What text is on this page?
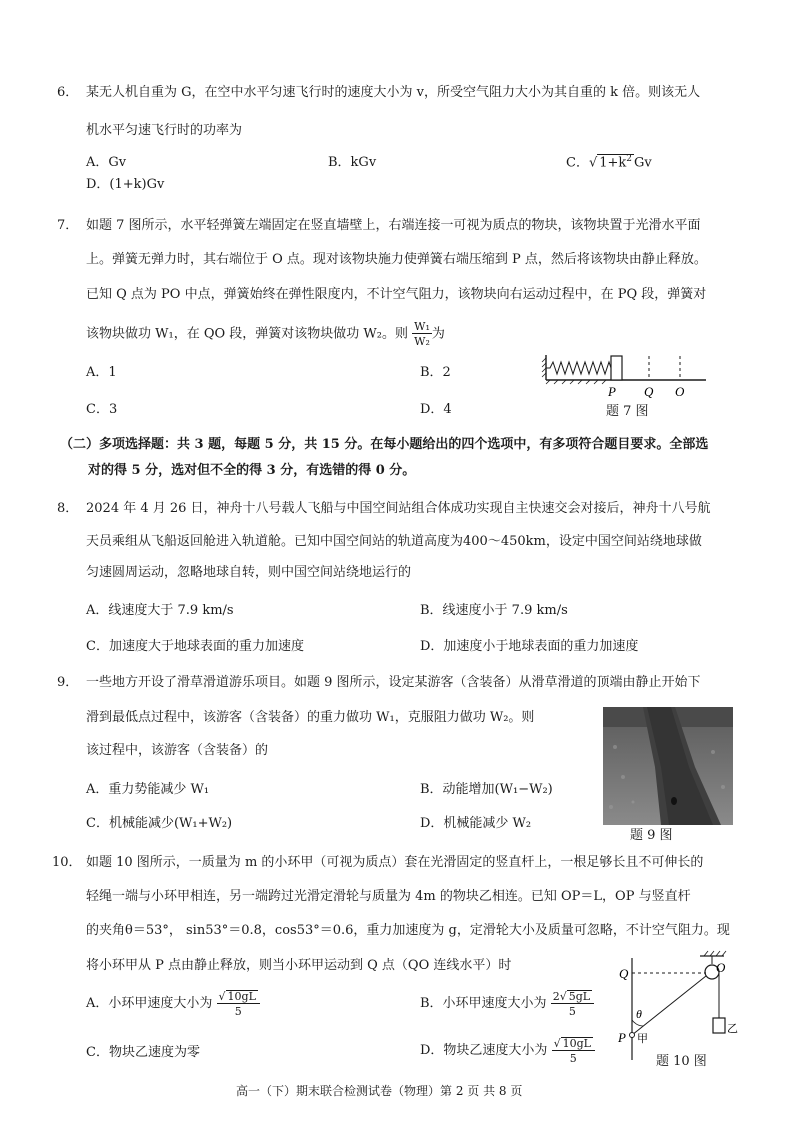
6． 某无人机自重为 G，在空中水平匀速飞行时的速度大小为 v，所受空气阻力大小为其自重的 k 倍。则该无人
机水平匀速飞行时的功率为
A．Gv	B．kGv	C．√ $1+k^2$ Gv
D．(1+k)Gv
7． 如题 7 图所示，水平轻弹簧左端固定在竖直墙壁上，右端连接一可视为质点的物块，该物块置于光滑水平面
上。弹簧无弹力时，其右端位于 O 点。现对该物块施力使弹簧右端压缩到 P 点，然后将该物块由静止释放。
已知 Q 点为 PO 中点，弹簧始终在弹性限度内，不计空气阻力，该物块向右运动过程中，在 PQ 段，弹簧对
该物块做功 W₁，在 QO 段，弹簧对该物块做功 W₂。则 $\frac{\text{W₁}}{\text{W₂}}$ 为
A．1	B．2
C．3	D．4
P Q O
题 7 图
（二）多项选择题：共 3 题，每题 5 分，共 15 分。在每小题给出的四个选项中，有多项符合题目要求。全部选
对的得 5 分，选对但不全的得 3 分，有选错的得 0 分。
8． 2024 年 4 月 26 日，神舟十八号载人飞船与中国空间站组合体成功实现自主快速交会对接后，神舟十八号航
天员乘组从飞船返回舱进入轨道舱。已知中国空间站的轨道高度为400～450km，设定中国空间站绕地球做
匀速圆周运动，忽略地球自转，则中国空间站绕地运行的
A．线速度大于 7.9 km/s	B．线速度小于 7.9 km/s
C．加速度大于地球表面的重力加速度	D．加速度小于地球表面的重力加速度
9． 一些地方开设了滑草滑道游乐项目。如题 9 图所示，设定某游客（含装备）从滑草滑道的顶端由静止开始下
滑到最低点过程中，该游客（含装备）的重力做功 W₁，克服阻力做功 W₂。则
该过程中，该游客（含装备）的
A．重力势能减少 W₁	B．动能增加(W₁−W₂)
C．机械能减少(W₁+W₂)	D．机械能减少 W₂
题 9 图
10． 如题 10 图所示，一质量为 m 的小环甲（可视为质点）套在光滑固定的竖直杆上，一根足够长且不可伸长的
轻绳一端与小环甲相连，另一端跨过光滑定滑轮与质量为 4m 的物块乙相连。已知 OP＝L，OP 与竖直杆
的夹角θ＝53°， sin53°＝0.8，cos53°＝0.6，重力加速度为 g，定滑轮大小及质量可忽略，不计空气阻力。现
将小环甲从 P 点由静止释放，则当小环甲运动到 Q 点（QO 连线水平）时
A．小环甲速度大小为 $\frac{√ 10gL}{5}$	B．小环甲速度大小为 $\frac{2√ 5gL}{5}$
C．物块乙速度为零	D．物块乙速度大小为 $\frac{√ 10gL}{5}$
Q	O
θ
P 甲
乙
题 10 图
高一（下）期末联合检测试卷（物理）第 2 页 共 8 页
